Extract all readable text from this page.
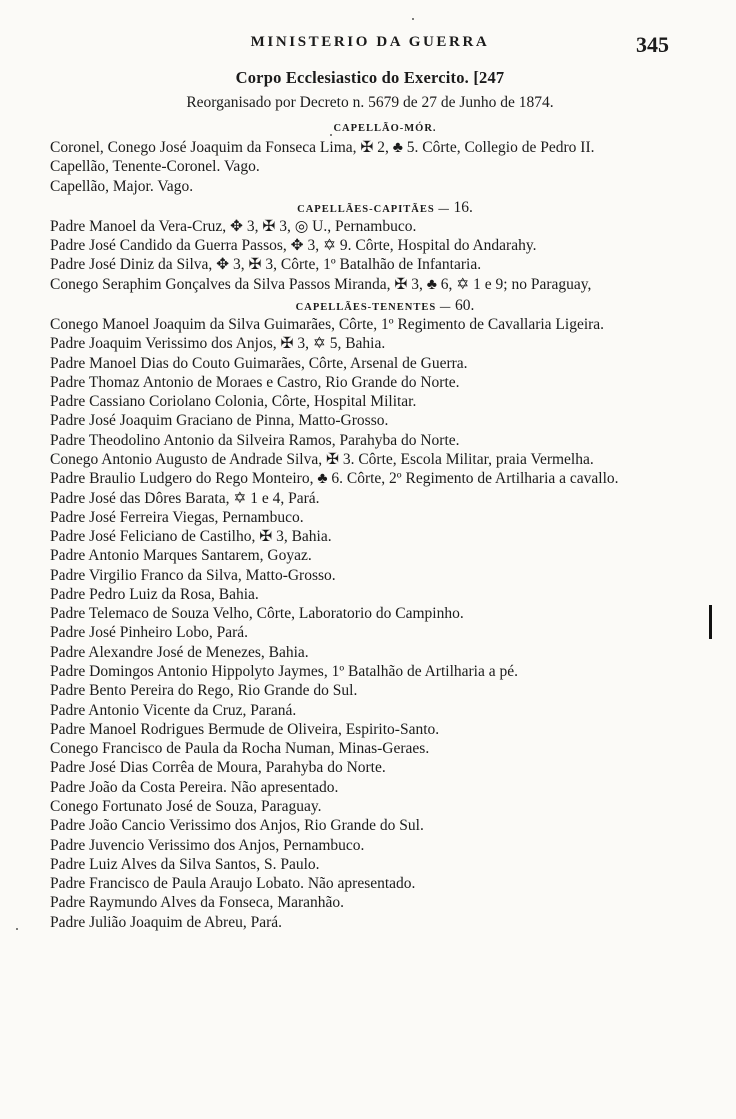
MINISTERIO DA GUERRA	345
Corpo Ecclesiastico do Exercito. [247
Reorganisado por Decreto n. 5679 de 27 de Junho de 1874.
CAPELLÃO-MÓR.
Coronel, Conego José Joaquim da Fonseca Lima, ✠ 2, ♣ 5. Côrte, Collegio de Pedro II.
Capellão, Tenente-Coronel. Vago.
Capellão, Major. Vago.
CAPELLÃES-CAPITÃES — 16.
Padre Manoel da Vera-Cruz, ✥ 3, ✠ 3, ◎ U., Pernambuco.
Padre José Candido da Guerra Passos, ✥ 3, ✡ 9. Côrte, Hospital do Andarahy.
Padre José Diniz da Silva, ✥ 3, ✠ 3, Côrte, 1º Batalhão de Infantaria.
Conego Seraphim Gonçalves da Silva Passos Miranda, ✠ 3, ♣ 6, ✡ 1 e 9; no Paraguay,
CAPELLÃES-TENENTES — 60.
Conego Manoel Joaquim da Silva Guimarães, Côrte, 1º Regimento de Cavallaria Ligeira.
Padre Joaquim Verissimo dos Anjos, ✠ 3, ✡ 5, Bahia.
Padre Manoel Dias do Couto Guimarães, Côrte, Arsenal de Guerra.
Padre Thomaz Antonio de Moraes e Castro, Rio Grande do Norte.
Padre Cassiano Coriolano Colonia, Côrte, Hospital Militar.
Padre José Joaquim Graciano de Pinna, Matto-Grosso.
Padre Theodolino Antonio da Silveira Ramos, Parahyba do Norte.
Conego Antonio Augusto de Andrade Silva, ✠ 3. Côrte, Escola Militar, praia Vermelha.
Padre Braulio Ludgero do Rego Monteiro, ♣ 6. Côrte, 2º Regimento de Artilharia a cavallo.
Padre José das Dôres Barata, ✡ 1 e 4, Pará.
Padre José Ferreira Viegas, Pernambuco.
Padre José Feliciano de Castilho, ✠ 3, Bahia.
Padre Antonio Marques Santarem, Goyaz.
Padre Virgilio Franco da Silva, Matto-Grosso.
Padre Pedro Luiz da Rosa, Bahia.
Padre Telemaco de Souza Velho, Côrte, Laboratorio do Campinho.
Padre José Pinheiro Lobo, Pará.
Padre Alexandre José de Menezes, Bahia.
Padre Domingos Antonio Hippolyto Jaymes, 1º Batalhão de Artilharia a pé.
Padre Bento Pereira do Rego, Rio Grande do Sul.
Padre Antonio Vicente da Cruz, Paraná.
Padre Manoel Rodrigues Bermude de Oliveira, Espirito-Santo.
Conego Francisco de Paula da Rocha Numan, Minas-Geraes.
Padre José Dias Corrêa de Moura, Parahyba do Norte.
Padre João da Costa Pereira. Não apresentado.
Conego Fortunato José de Souza, Paraguay.
Padre João Cancio Verissimo dos Anjos, Rio Grande do Sul.
Padre Juvencio Verissimo dos Anjos, Pernambuco.
Padre Luiz Alves da Silva Santos, S. Paulo.
Padre Francisco de Paula Araujo Lobato. Não apresentado.
Padre Raymundo Alves da Fonseca, Maranhão.
Padre Julião Joaquim de Abreu, Pará.
